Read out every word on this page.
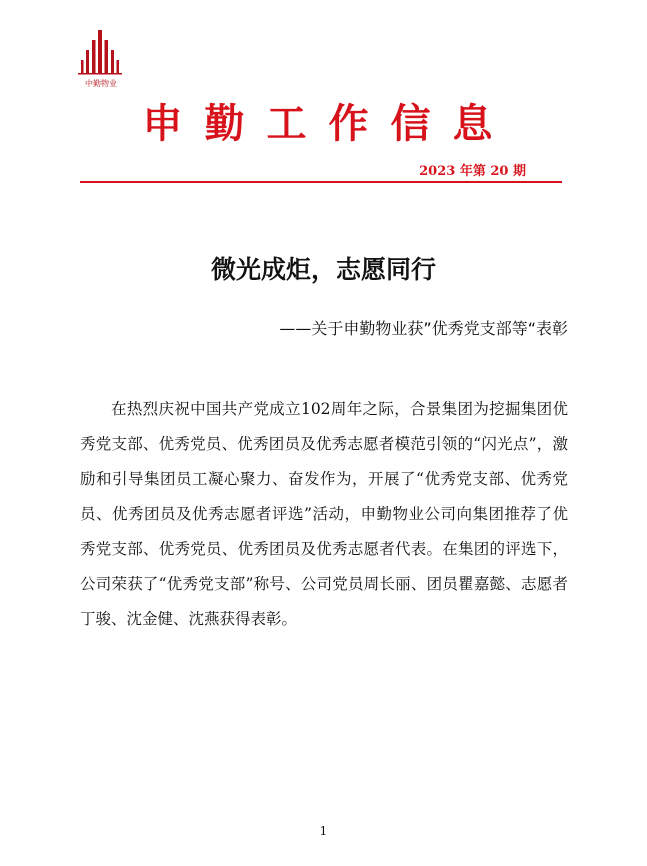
中勤物业
申勤工作信息
2023 年第 20 期
微光成炬，志愿同行
——关于申勤物业获”优秀党支部等“表彰

在热烈庆祝中国共产党成立102周年之际，合景集团为挖掘集团优秀党支部、优秀党员、优秀团员及优秀志愿者模范引领的“闪光点”，激励和引导集团员工凝心聚力、奋发作为，开展了“优秀党支部、优秀党员、优秀团员及优秀志愿者评选”活动，申勤物业公司向集团推荐了优秀党支部、优秀党员、优秀团员及优秀志愿者代表。在集团的评选下，公司荣获了“优秀党支部”称号、公司党员周长丽、团员瞿嘉懿、志愿者丁骏、沈金健、沈燕获得表彰。

1
